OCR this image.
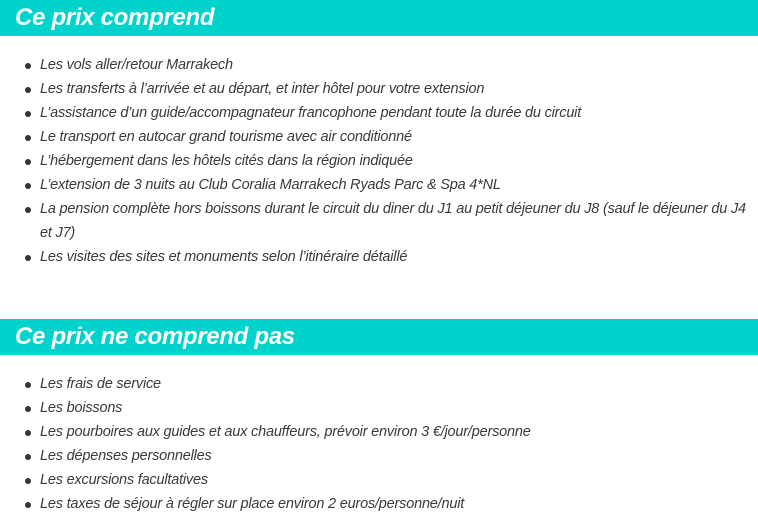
Ce prix comprend
Les vols aller/retour Marrakech
Les transferts à l’arrivée et au départ, et inter hôtel pour votre extension
L’assistance d’un guide/accompagnateur francophone pendant toute la durée du circuit
Le transport en autocar grand tourisme avec air conditionné
L’hébergement dans les hôtels cités dans la région indiquée
L’extension de 3 nuits au Club Coralia Marrakech Ryads Parc & Spa 4*NL
La pension complète hors boissons durant le circuit du diner du J1 au petit déjeuner du J8 (sauf le déjeuner du J4 et J7)
Les visites des sites et monuments selon l’itinéraire détaillé
Ce prix ne comprend pas
Les frais de service
Les boissons
Les pourboires aux guides et aux chauffeurs, prévoir environ 3 €/jour/personne
Les dépenses personnelles
Les excursions facultatives
Les taxes de séjour à régler sur place environ 2 euros/personne/nuit
